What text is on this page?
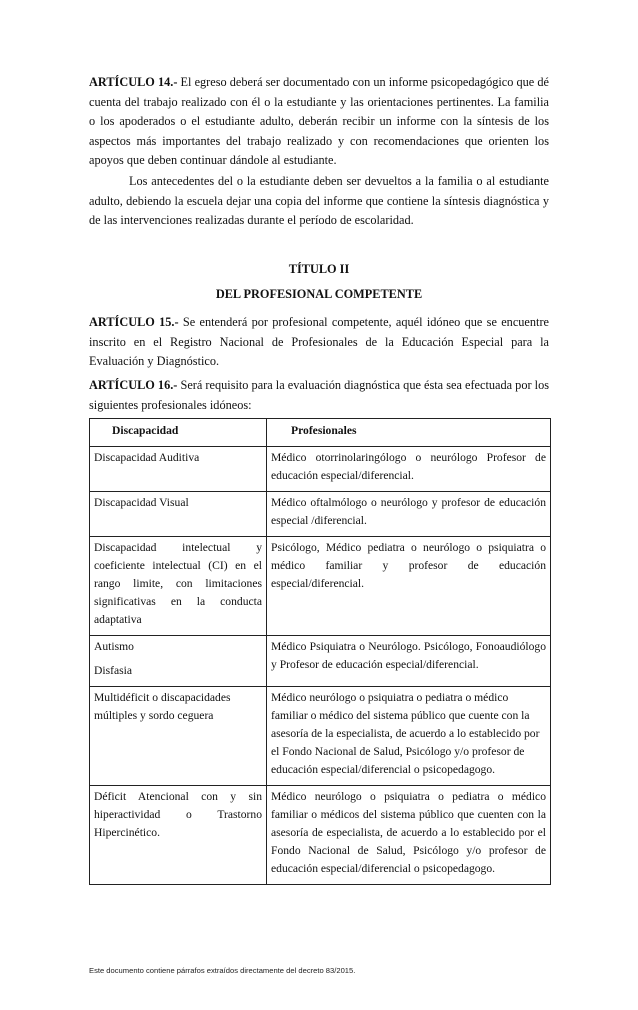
ARTÍCULO 14.- El egreso deberá ser documentado con un informe psicopedagógico que dé cuenta del trabajo realizado con él o la estudiante y las orientaciones pertinentes. La familia o los apoderados o el estudiante adulto, deberán recibir un informe con la síntesis de los aspectos más importantes del trabajo realizado y con recomendaciones que orienten los apoyos que deben continuar dándole al estudiante.

Los antecedentes del o la estudiante deben ser devueltos a la familia o al estudiante adulto, debiendo la escuela dejar una copia del informe que contiene la síntesis diagnóstica y de las intervenciones realizadas durante el período de escolaridad.

TÍTULO II

DEL PROFESIONAL COMPETENTE

ARTÍCULO 15.- Se entenderá por profesional competente, aquél idóneo que se encuentre inscrito en el Registro Nacional de Profesionales de la Educación Especial para la Evaluación y Diagnóstico.

ARTÍCULO 16.- Será requisito para la evaluación diagnóstica que ésta sea efectuada por los siguientes profesionales idóneos:

Discapacidad	Profesionales
Discapacidad Auditiva	Médico otorrinolaringólogo o neurólogo Profesor de educación especial/diferencial.
Discapacidad Visual	Médico oftalmólogo o neurólogo y profesor de educación especial /diferencial.
Discapacidad intelectual y coeficiente intelectual (CI) en el rango limite, con limitaciones significativas en la conducta adaptativa	Psicólogo, Médico pediatra o neurólogo o psiquiatra o médico familiar y profesor de educación especial/diferencial.

Autismo
Disfasia	Médico Psiquiatra o Neurólogo. Psicólogo, Fonoaudiólogo y Profesor de educación especial/diferencial.
Multidéficit o discapacidades múltiples y sordo ceguera	Médico neurólogo o psiquiatra o pediatra o médico familiar o médico del sistema público que cuente con la asesoría de la especialista, de acuerdo a lo establecido por el Fondo Nacional de Salud, Psicólogo y/o profesor de educación especial/diferencial o psicopedagogo.
Déficit Atencional con y sin hiperactividad o Trastorno Hipercinético.	Médico neurólogo o psiquiatra o pediatra o médico familiar o médicos del sistema público que cuenten con la asesoría de especialista, de acuerdo a lo establecido por el Fondo Nacional de Salud, Psicólogo y/o profesor de educación especial/diferencial o psicopedagogo.
Este documento contiene párrafos extraídos directamente del decreto 83/2015.
